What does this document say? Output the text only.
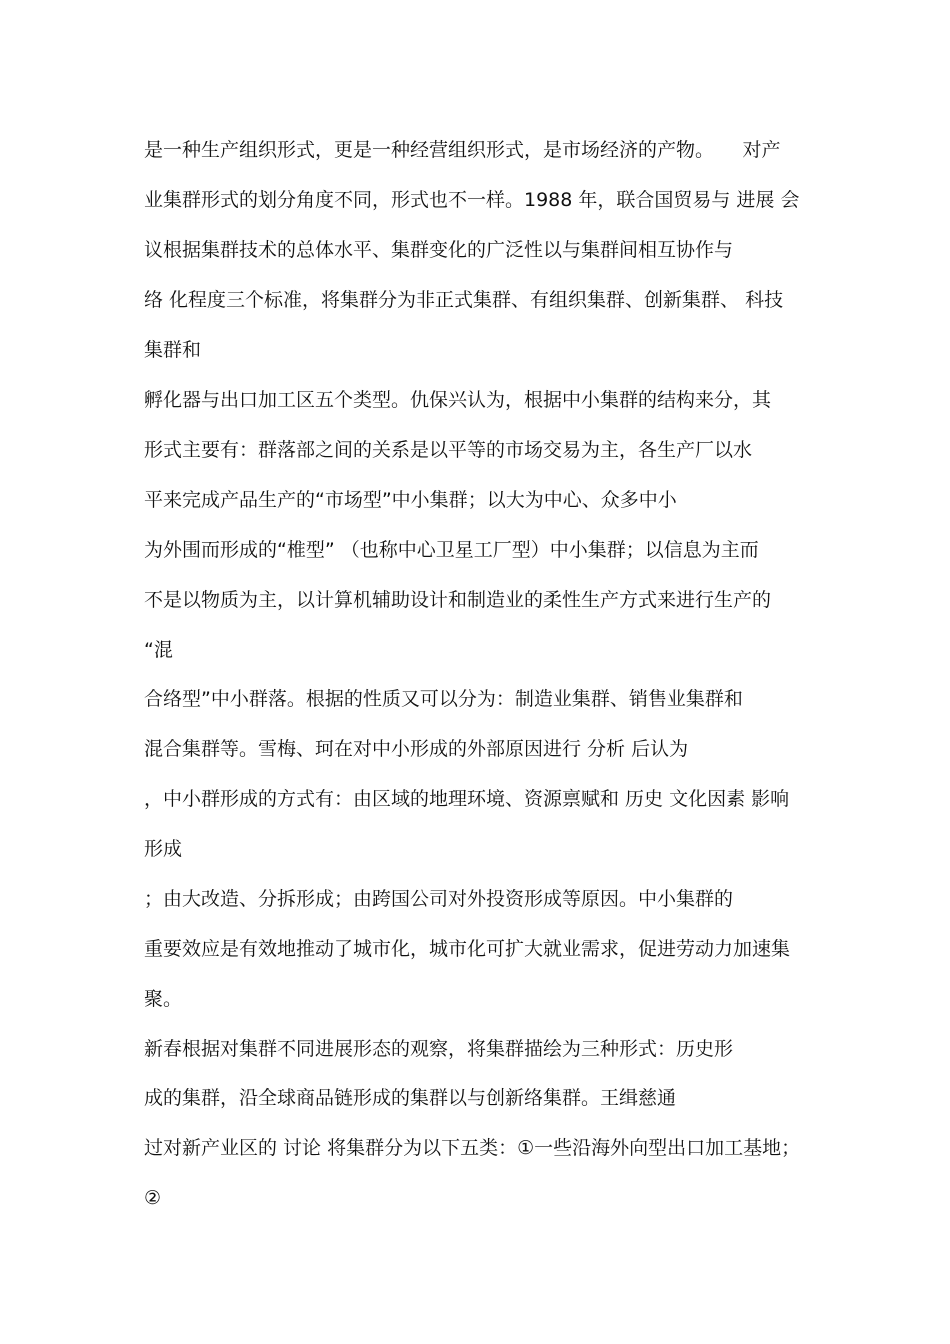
是一种生产组织形式，更是一种经营组织形式，是市场经济的产物。　　对产
业集群形式的划分角度不同，形式也不一样。1988 年，联合国贸易与 进展 会
议根据集群技术的总体水平、集群变化的广泛性以与集群间相互协作与
络 化程度三个标准，将集群分为非正式集群、有组织集群、创新集群、 科技
集群和
孵化器与出口加工区五个类型。仇保兴认为，根据中小集群的结构来分，其
形式主要有：群落部之间的关系是以平等的市场交易为主，各生产厂以水
平来完成产品生产的“市场型”中小集群；以大为中心、众多中小
为外围而形成的“椎型” （也称中心卫星工厂型）中小集群；以信息为主而
不是以物质为主，以计算机辅助设计和制造业的柔性生产方式来进行生产的
“混
合络型”中小群落。根据的性质又可以分为：制造业集群、销售业集群和
混合集群等。雪梅、珂在对中小形成的外部原因进行 分析 后认为
，中小群形成的方式有：由区域的地理环境、资源禀赋和 历史 文化因素 影响
形成
；由大改造、分拆形成；由跨国公司对外投资形成等原因。中小集群的
重要效应是有效地推动了城市化，城市化可扩大就业需求，促进劳动力加速集
聚。
新春根据对集群不同进展形态的观察，将集群描绘为三种形式：历史形
成的集群，沿全球商品链形成的集群以与创新络集群。王缉慈通
过对新产业区的 讨论 将集群分为以下五类：①一些沿海外向型出口加工基地；
②
